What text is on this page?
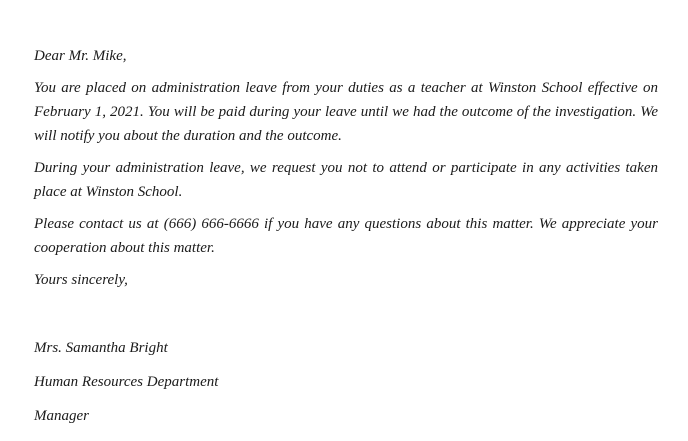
Dear Mr. Mike,

You are placed on administration leave from your duties as a teacher at Winston School effective on February 1, 2021. You will be paid during your leave until we had the outcome of the investigation. We will notify you about the duration and the outcome.

During your administration leave, we request you not to attend or participate in any activities taken place at Winston School.

Please contact us at (666) 666-6666 if you have any questions about this matter. We appreciate your cooperation about this matter.

Yours sincerely,

Mrs. Samantha Bright

Human Resources Department

Manager
